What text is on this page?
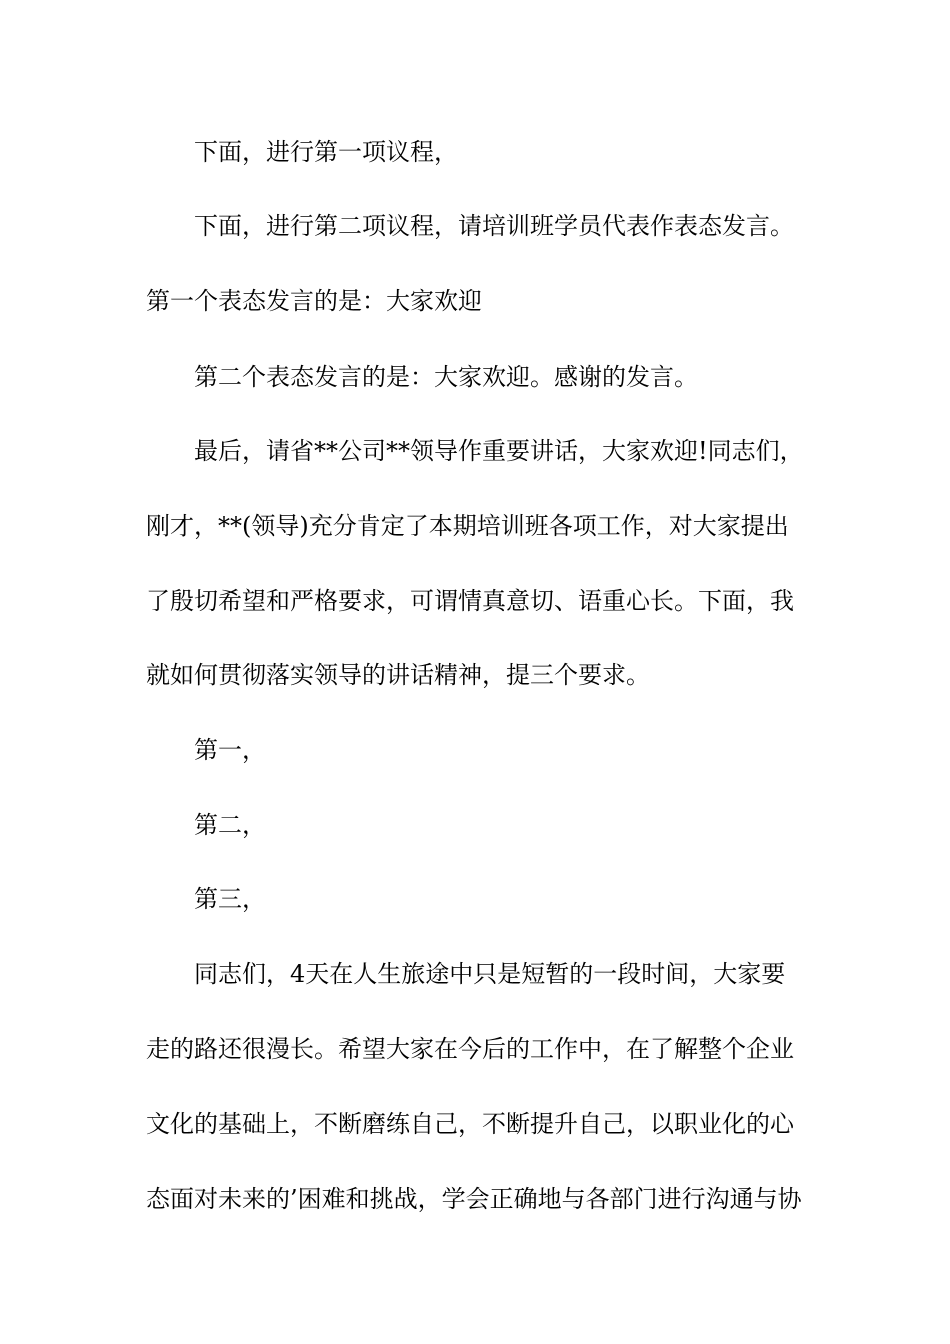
下面，进行第一项议程，
下面，进行第二项议程，请培训班学员代表作表态发言。
第一个表态发言的是：大家欢迎
第二个表态发言的是：大家欢迎。感谢的发言。
最后，请省**公司**领导作重要讲话，大家欢迎!同志们，
刚才，**(领导)充分肯定了本期培训班各项工作，对大家提出
了殷切希望和严格要求，可谓情真意切、语重心长。下面，我
就如何贯彻落实领导的讲话精神，提三个要求。
第一，
第二，
第三，
同志们，4天在人生旅途中只是短暂的一段时间，大家要
走的路还很漫长。希望大家在今后的工作中，在了解整个企业
文化的基础上，不断磨练自己，不断提升自己，以职业化的心
态面对未来的’困难和挑战，学会正确地与各部门进行沟通与协
